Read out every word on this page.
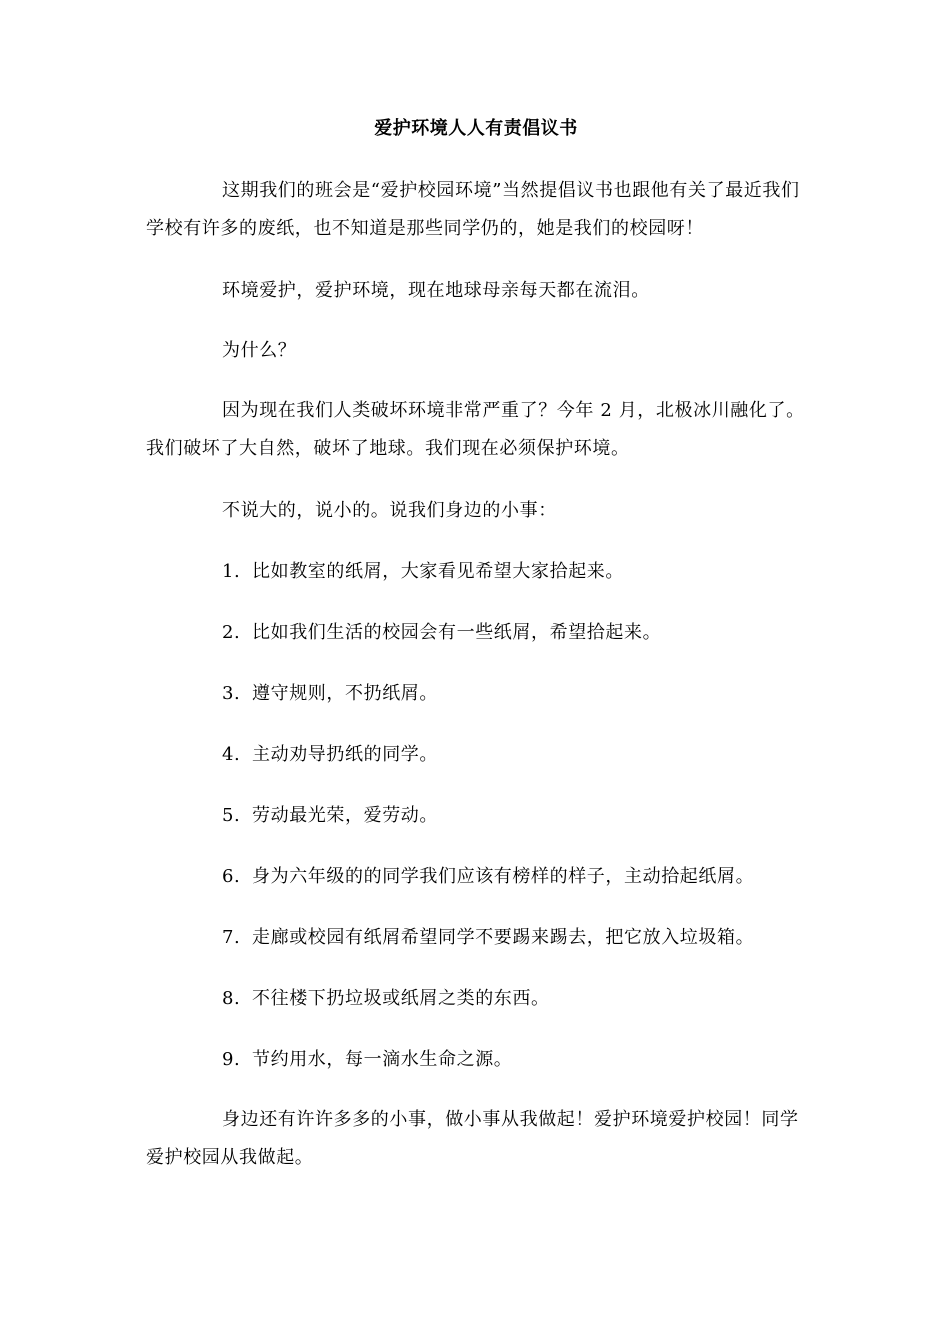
爱护环境人人有责倡议书

这期我们的班会是“爱护校园环境”当然提倡议书也跟他有关了最近我们学校有许多的废纸，也不知道是那些同学仍的，她是我们的校园呀！

环境爱护，爱护环境，现在地球母亲每天都在流泪。

为什么？

因为现在我们人类破坏环境非常严重了？今年 2 月，北极冰川融化了。我们破坏了大自然，破坏了地球。我们现在必须保护环境。

不说大的，说小的。说我们身边的小事：

1. 比如教室的纸屑，大家看见希望大家拾起来。

2. 比如我们生活的校园会有一些纸屑，希望拾起来。

3. 遵守规则，不扔纸屑。

4. 主动劝导扔纸的同学。

5. 劳动最光荣，爱劳动。

6. 身为六年级的的同学我们应该有榜样的样子，主动拾起纸屑。

7. 走廊或校园有纸屑希望同学不要踢来踢去，把它放入垃圾箱。

8. 不往楼下扔垃圾或纸屑之类的东西。

9. 节约用水，每一滴水生命之源。

身边还有许许多多的小事，做小事从我做起！爱护环境爱护校园！同学爱护校园从我做起。
